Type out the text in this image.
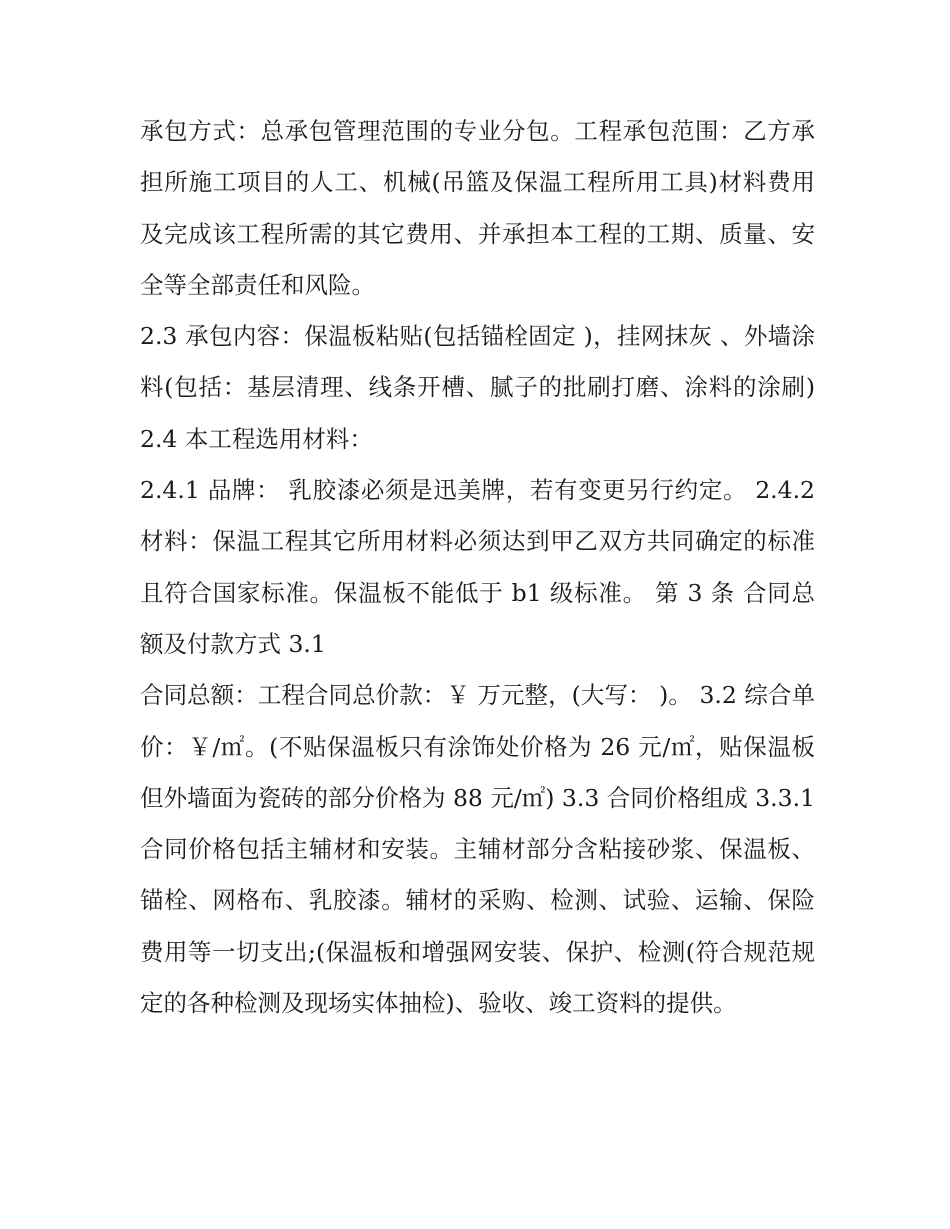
承包方式：总承包管理范围的专业分包。工程承包范围：乙方承担所施工项目的人工、机械(吊篮及保温工程所用工具)材料费用及完成该工程所需的其它费用、并承担本工程的工期、质量、安全等全部责任和风险。

2.3 承包内容：保温板粘贴(包括锚栓固定 )，挂网抹灰 、外墙涂料(包括：基层清理、线条开槽、腻子的批刷打磨、涂料的涂刷) 2.4 本工程选用材料：

2.4.1 品牌： 乳胶漆必须是迅美牌，若有变更另行约定。 2.4.2 材料：保温工程其它所用材料必须达到甲乙双方共同确定的标准且符合国家标准。保温板不能低于 b1 级标准。 第 3 条 合同总额及付款方式 3.1

合同总额：工程合同总价款：￥ 万元整，(大写： )。 3.2 综合单价：￥/㎡。(不贴保温板只有涂饰处价格为 26 元/㎡，贴保温板但外墙面为瓷砖的部分价格为 88 元/㎡) 3.3 合同价格组成 3.3.1

合同价格包括主辅材和安装。主辅材部分含粘接砂浆、保温板、锚栓、网格布、乳胶漆。辅材的采购、检测、试验、运输、保险费用等一切支出;(保温板和增强网安装、保护、检测(符合规范规定的各种检测及现场实体抽检)、验收、竣工资料的提供。
